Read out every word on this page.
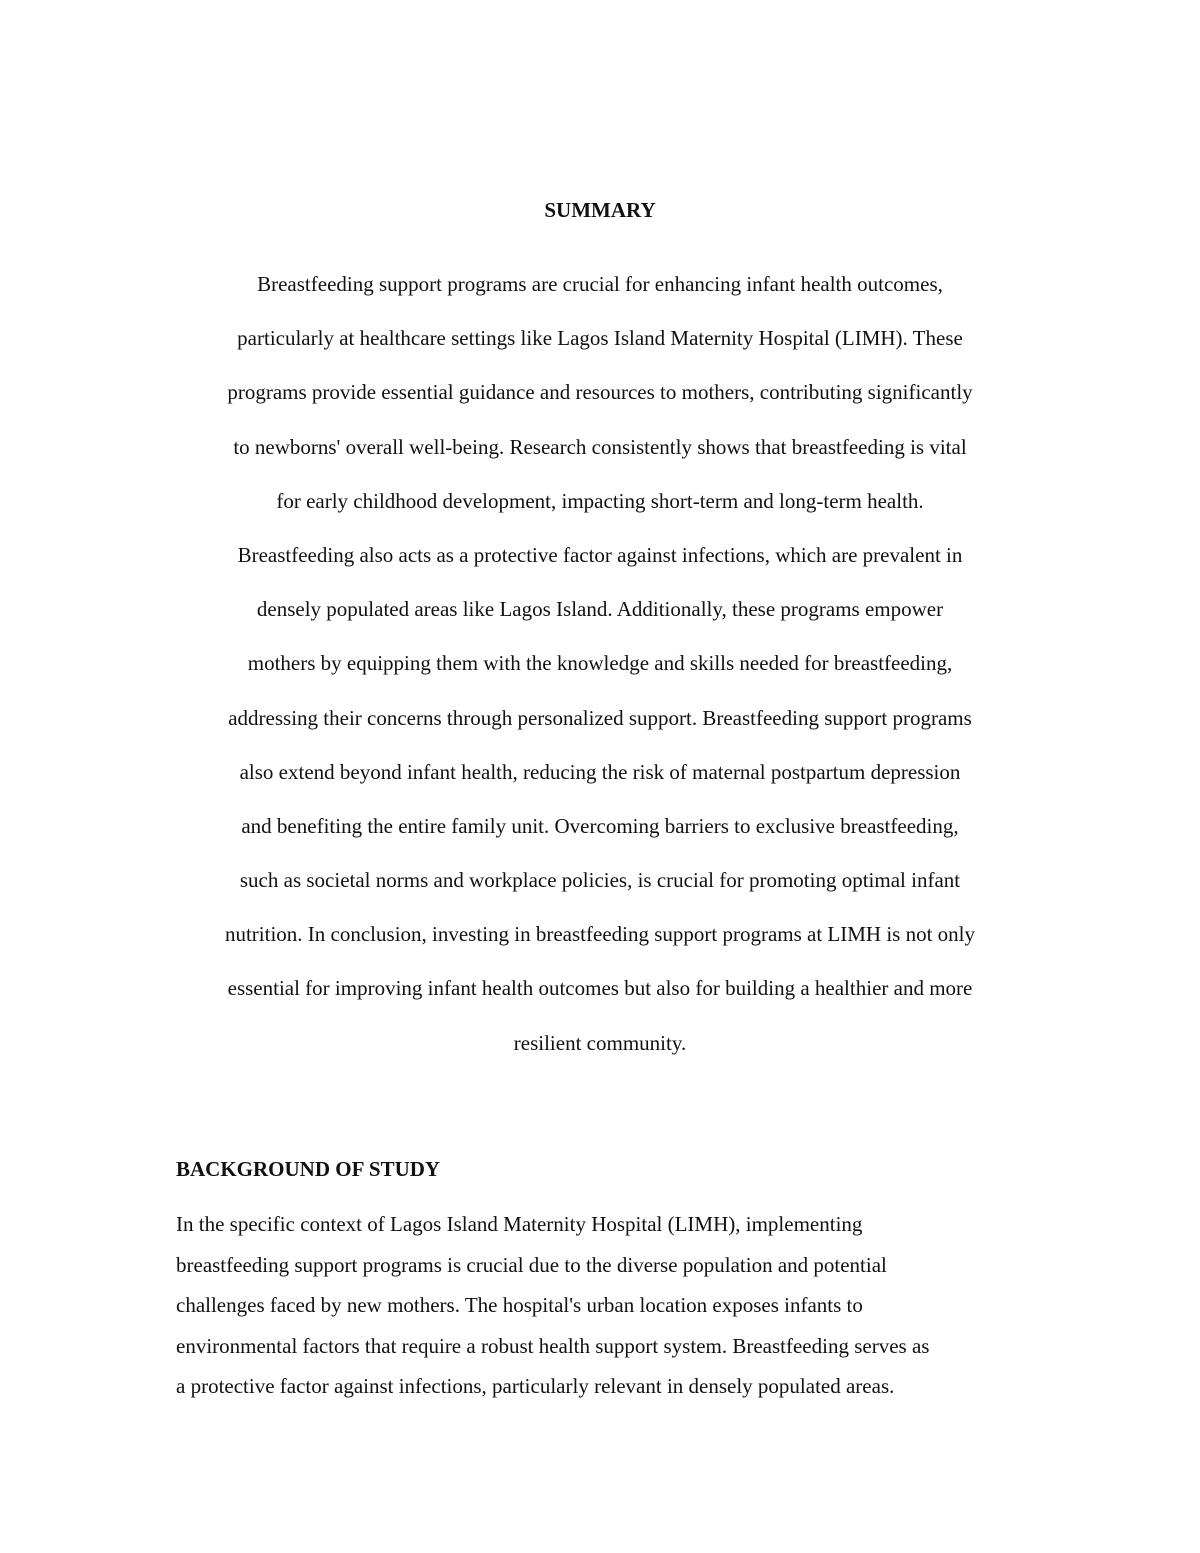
SUMMARY
Breastfeeding support programs are crucial for enhancing infant health outcomes,
particularly at healthcare settings like Lagos Island Maternity Hospital (LIMH). These
programs provide essential guidance and resources to mothers, contributing significantly
to newborns' overall well-being. Research consistently shows that breastfeeding is vital
for early childhood development, impacting short-term and long-term health.
Breastfeeding also acts as a protective factor against infections, which are prevalent in
densely populated areas like Lagos Island. Additionally, these programs empower
mothers by equipping them with the knowledge and skills needed for breastfeeding,
addressing their concerns through personalized support. Breastfeeding support programs
also extend beyond infant health, reducing the risk of maternal postpartum depression
and benefiting the entire family unit. Overcoming barriers to exclusive breastfeeding,
such as societal norms and workplace policies, is crucial for promoting optimal infant
nutrition. In conclusion, investing in breastfeeding support programs at LIMH is not only
essential for improving infant health outcomes but also for building a healthier and more
resilient community.
BACKGROUND OF STUDY
In the specific context of Lagos Island Maternity Hospital (LIMH), implementing
breastfeeding support programs is crucial due to the diverse population and potential
challenges faced by new mothers. The hospital's urban location exposes infants to
environmental factors that require a robust health support system. Breastfeeding serves as
a protective factor against infections, particularly relevant in densely populated areas.
